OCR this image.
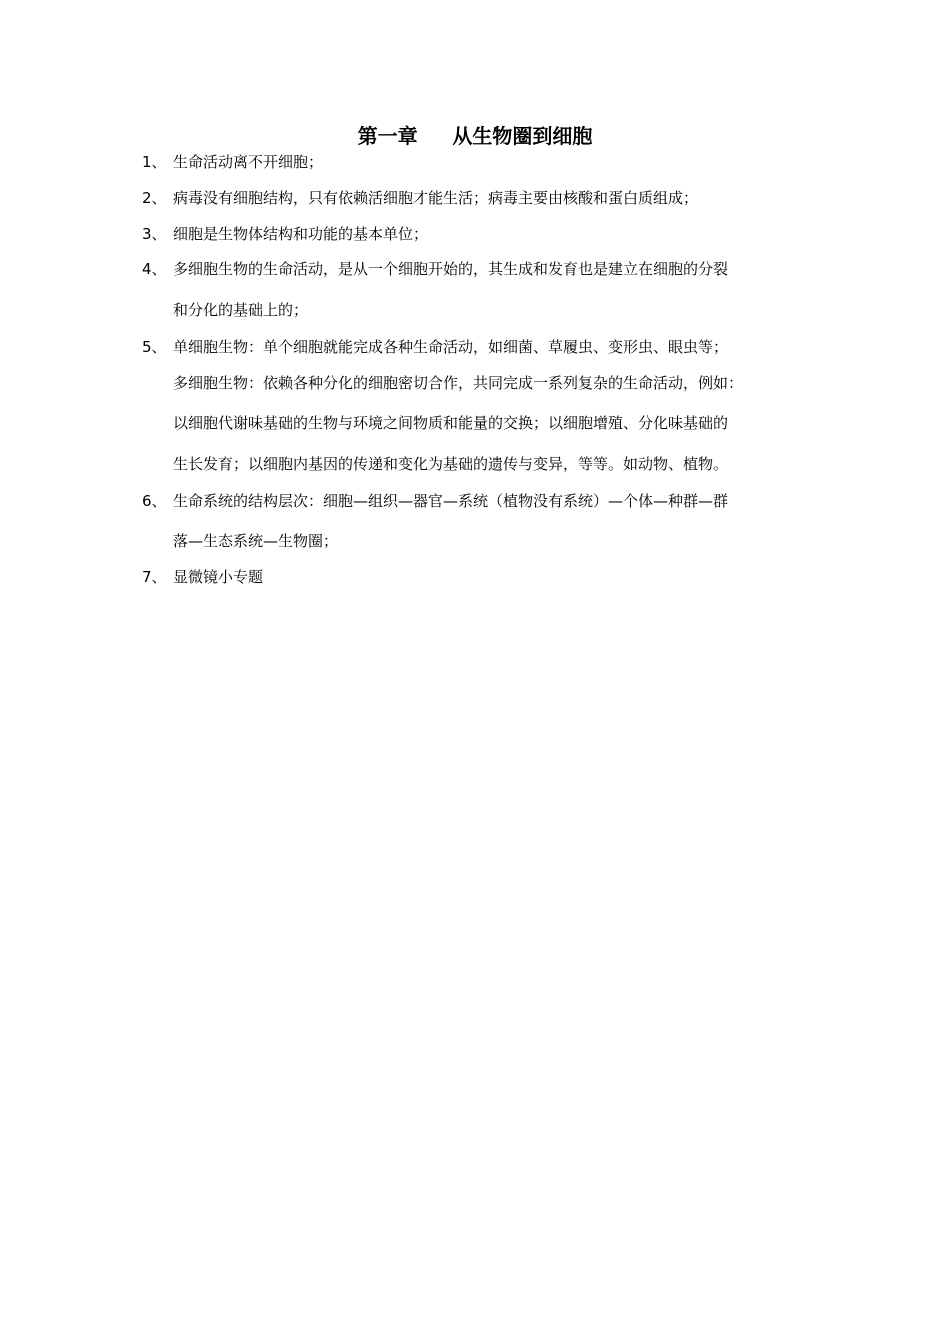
第一章     从生物圈到细胞
1、 生命活动离不开细胞；
2、 病毒没有细胞结构，只有依赖活细胞才能生活；病毒主要由核酸和蛋白质组成；
3、 细胞是生物体结构和功能的基本单位；
4、 多细胞生物的生命活动，是从一个细胞开始的，其生成和发育也是建立在细胞的分裂
和分化的基础上的；
5、 单细胞生物：单个细胞就能完成各种生命活动，如细菌、草履虫、变形虫、眼虫等；
多细胞生物：依赖各种分化的细胞密切合作，共同完成一系列复杂的生命活动，例如：
以细胞代谢味基础的生物与环境之间物质和能量的交换；以细胞增殖、分化味基础的
生长发育；以细胞内基因的传递和变化为基础的遗传与变异，等等。如动物、植物。
6、 生命系统的结构层次：细胞—组织—器官—系统（植物没有系统）—个体—种群—群
落—生态系统—生物圈；
7、 显微镜小专题
